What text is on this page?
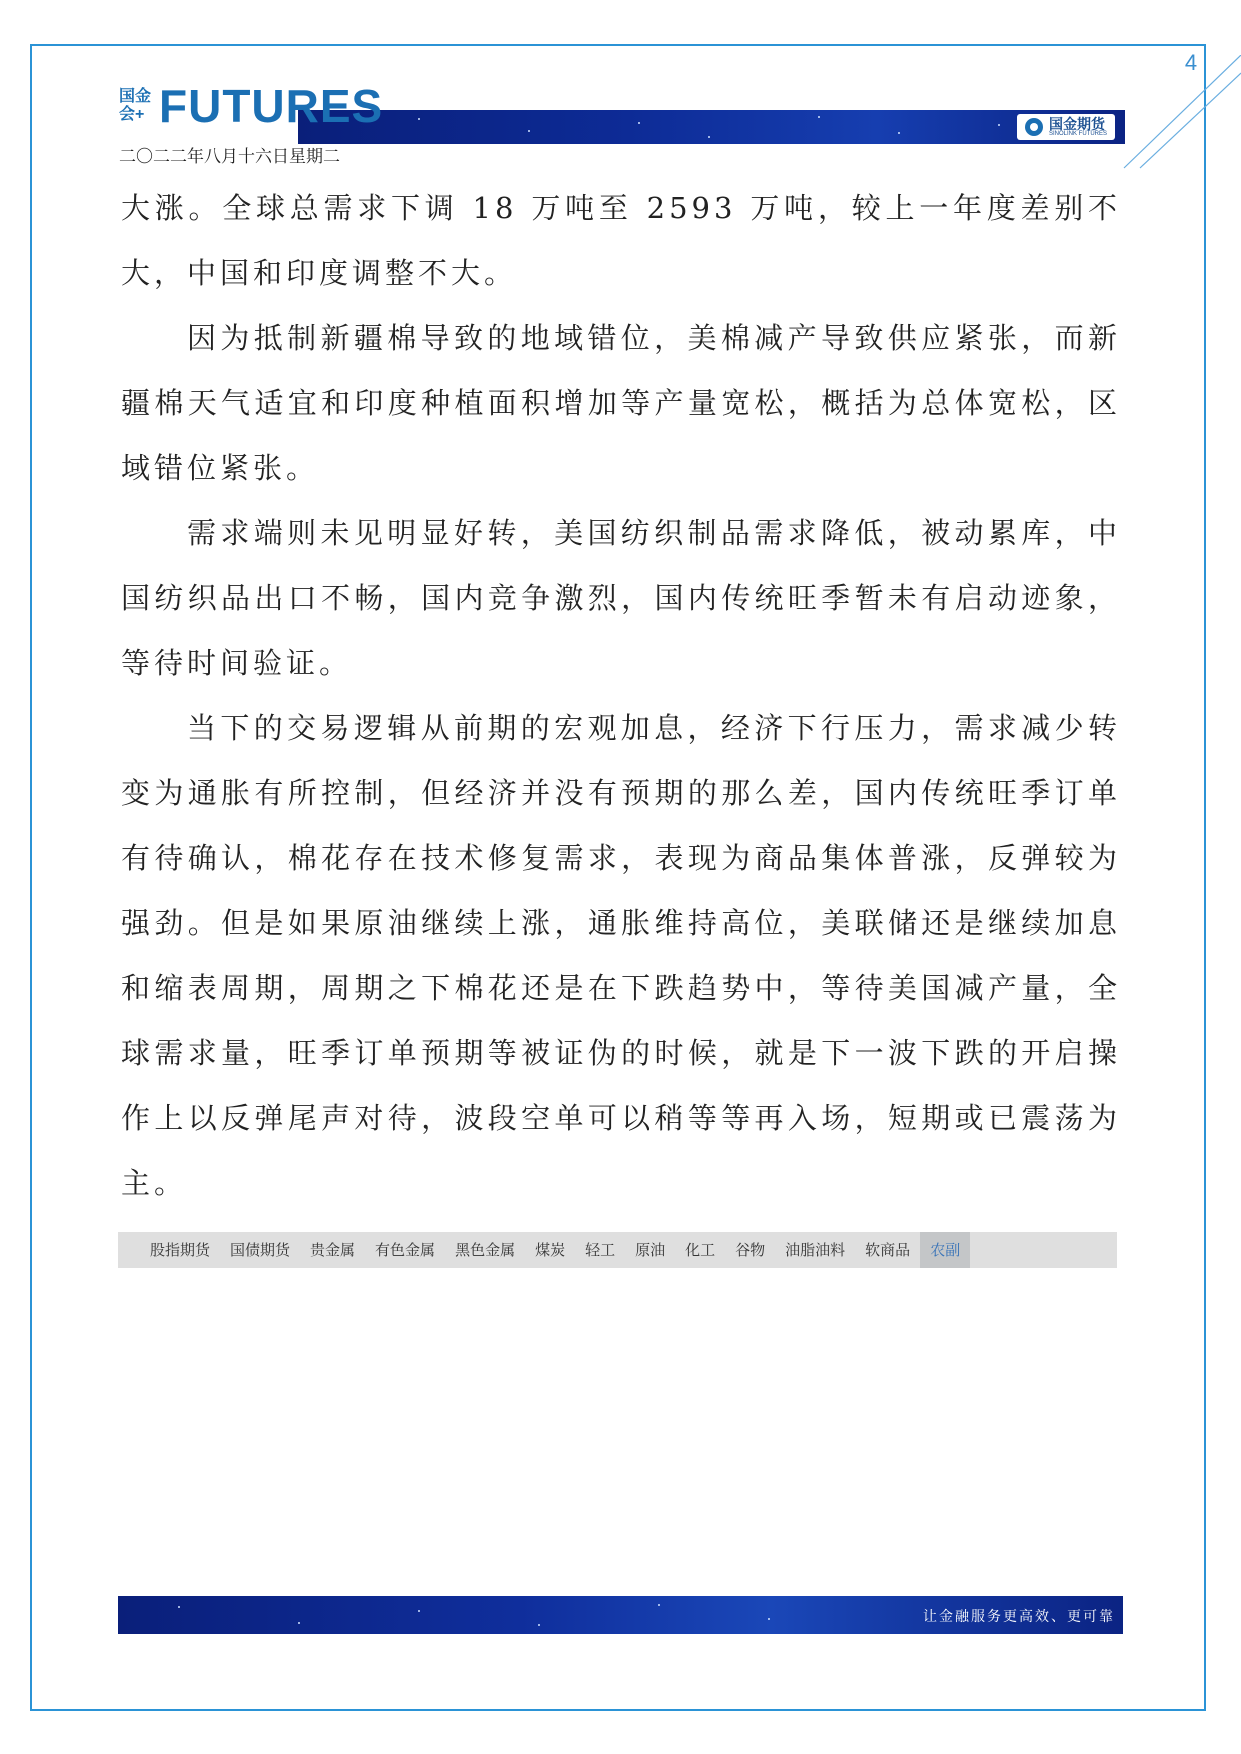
4
国金期货
SINOLINK FUTURES
国金会+ FUTURES
二〇二二年八月十六日星期二

大涨。全球总需求下调 18 万吨至 2593 万吨，较上一年度差别不大，中国和印度调整不大。

因为抵制新疆棉导致的地域错位，美棉减产导致供应紧张，而新疆棉天气适宜和印度种植面积增加等产量宽松，概括为总体宽松，区域错位紧张。

需求端则未见明显好转，美国纺织制品需求降低，被动累库，中国纺织品出口不畅，国内竞争激烈，国内传统旺季暂未有启动迹象，等待时间验证。

当下的交易逻辑从前期的宏观加息，经济下行压力，需求减少转变为通胀有所控制，但经济并没有预期的那么差，国内传统旺季订单有待确认，棉花存在技术修复需求，表现为商品集体普涨，反弹较为强劲。但是如果原油继续上涨，通胀维持高位，美联储还是继续加息和缩表周期，周期之下棉花还是在下跌趋势中，等待美国减产量，全球需求量，旺季订单预期等被证伪的时候，就是下一波下跌的开启操作上以反弹尾声对待，波段空单可以稍等等再入场，短期或已震荡为主。

股指期货	国债期货	贵金属	有色金属	黑色金属	煤炭	轻工	原油	化工	谷物	油脂油料	软商品	农副
让金融服务更高效、更可靠
